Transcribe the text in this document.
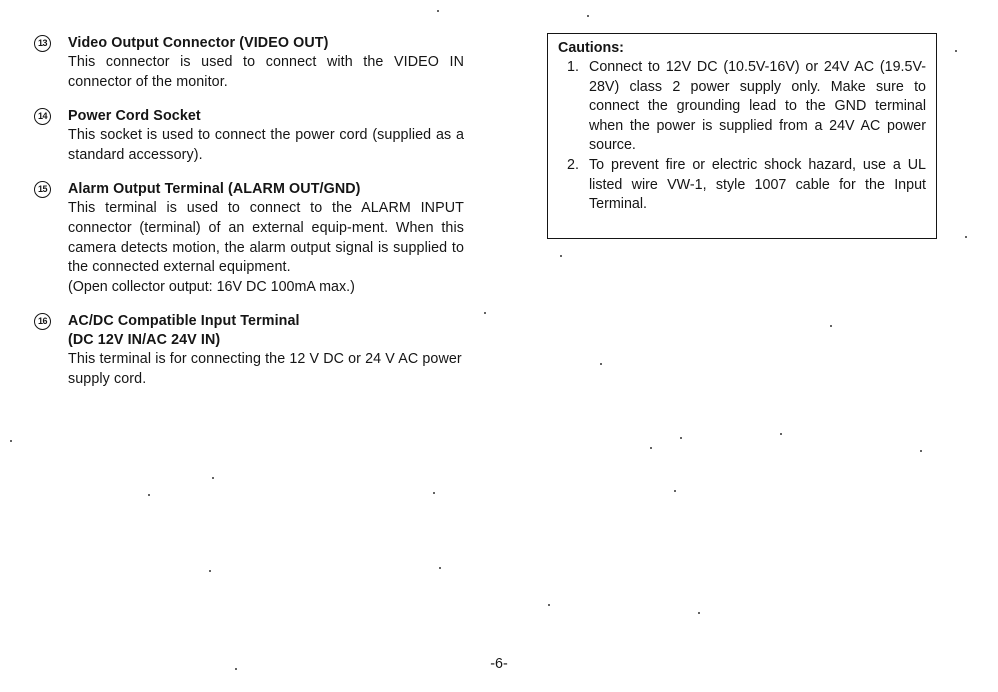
13 Video Output Connector (VIDEO OUT)
This connector is used to connect with the VIDEO IN connector of the monitor.
14 Power Cord Socket
This socket is used to connect the power cord (supplied as a standard accessory).
15 Alarm Output Terminal (ALARM OUT/GND)
This terminal is used to connect to the ALARM INPUT connector (terminal) of an external equip-ment. When this camera detects motion, the alarm output signal is supplied to the connected external equipment.
(Open collector output: 16V DC 100mA max.)
16 AC/DC Compatible Input Terminal
(DC 12V IN/AC 24V IN)
This terminal is for connecting the 12 V DC or 24 V AC power supply cord.
Cautions:
1. Connect to 12V DC (10.5V-16V) or 24V AC (19.5V-28V) class 2 power supply only. Make sure to connect the grounding lead to the GND terminal when the power is supplied from a 24V AC power source.
2. To prevent fire or electric shock hazard, use a UL listed wire VW-1, style 1007 cable for the Input Terminal.
-6-
